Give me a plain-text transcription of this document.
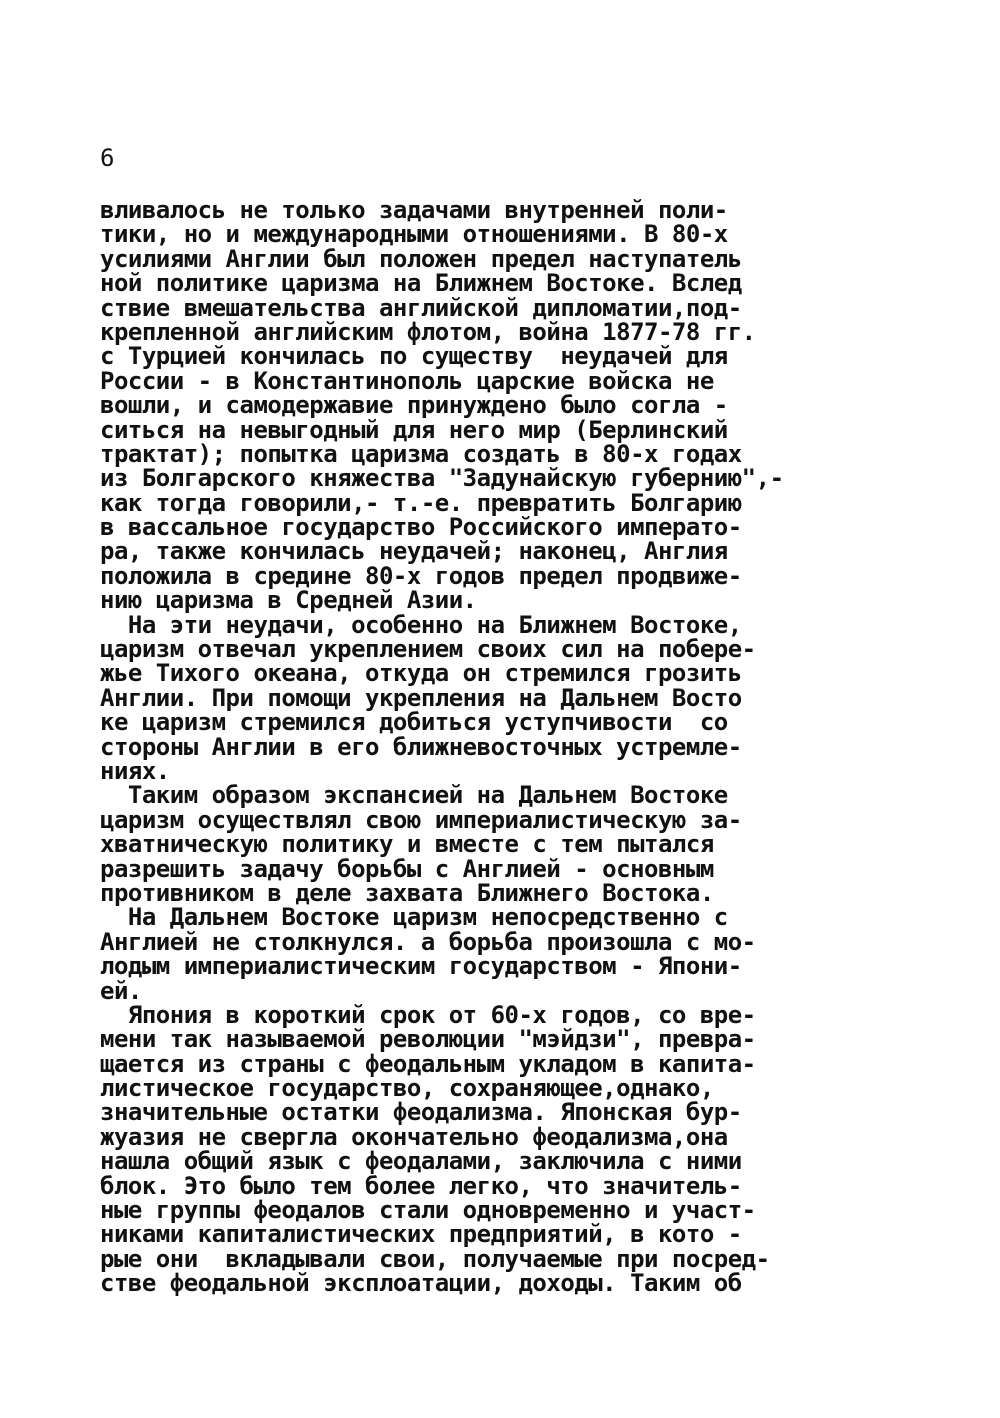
6
вливалось не только задачами внутренней поли-
тики, но и международными отношениями. В 80-х
усилиями Англии был положен предел наступатель
ной политике царизма на Ближнем Востоке. Вслед
ствие вмешательства английской дипломатии,под-
крепленной английским флотом, война 1877-78 гг.
с Турцией кончилась по существу  неудачей для
России - в Константинополь царские войска не
вошли, и самодержавие принуждено было согла -
ситься на невыгодный для него мир (Берлинский
трактат); попытка царизма создать в 80-х годах
из Болгарского княжества "Задунайскую губернию",-
как тогда говорили,- т.-е. превратить Болгарию
в вассальное государство Российского императо-
ра, также кончилась неудачей; наконец, Англия
положила в средине 80-х годов предел продвиже-
нию царизма в Средней Азии.
На эти неудачи, особенно на Ближнем Востоке,
царизм отвечал укреплением своих сил на побере-
жье Тихого океана, откуда он стремился грозить
Англии. При помощи укрепления на Дальнем Восто
ке царизм стремился добиться уступчивости  со
стороны Англии в его ближневосточных устремле-
ниях.
Таким образом экспансией на Дальнем Востоке
царизм осуществлял свою империалистическую за-
хватническую политику и вместе с тем пытался
разрешить задачу борьбы с Англией - основным
противником в деле захвата Ближнего Востока.
На Дальнем Востоке царизм непосредственно с
Англией не столкнулся. а борьба произошла с мо-
лодым империалистическим государством - Япони-
ей.
Япония в короткий срок от 60-х годов, со вре-
мени так называемой революции "мэйдзи", превра-
щается из страны с феодальным укладом в капита-
листическое государство, сохраняющее,однако,
значительные остатки феодализма. Японская бур-
жуазия не свергла окончательно феодализма,она
нашла общий язык с феодалами, заключила с ними
блок. Это было тем более легко, что значитель-
ные группы феодалов стали одновременно и участ-
никами капиталистических предприятий, в кото -
рые они  вкладывали свои, получаемые при посред-
стве феодальной эксплоатации, доходы. Таким об
